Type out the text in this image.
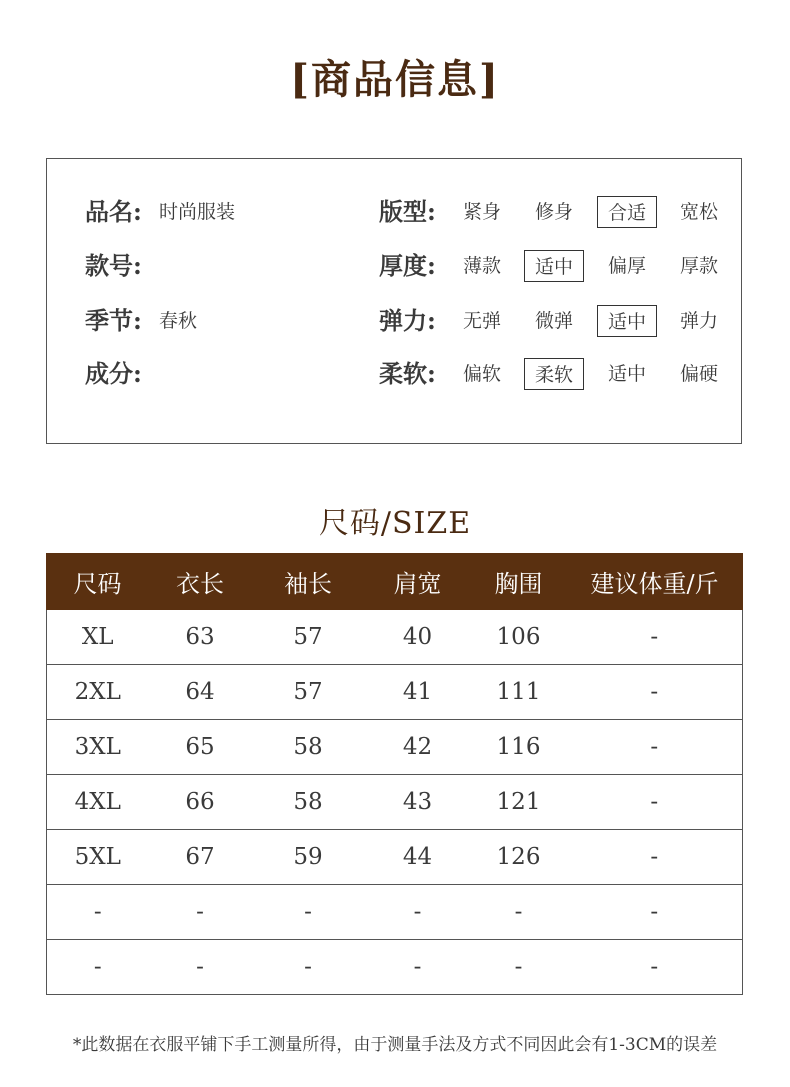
[商品信息]
品名: 时尚服装	版型:	紧身	修身	合适	宽松
款号:	厚度:	薄款	适中	偏厚	厚款
季节: 春秋	弹力:	无弹	微弹	适中	弹力
成分:	柔软:	偏软	柔软	适中	偏硬
尺码/SIZE
尺码	衣长	袖长	肩宽	胸围	建议体重/斤
XL	63	57	40	106	-
2XL	64	57	41	111	-
3XL	65	58	42	116	-
4XL	66	58	43	121	-
5XL	67	59	44	126	-
-	-	-	-	-	-
-	-	-	-	-	-
*此数据在衣服平铺下手工测量所得，由于测量手法及方式不同因此会有1-3CM的误差
